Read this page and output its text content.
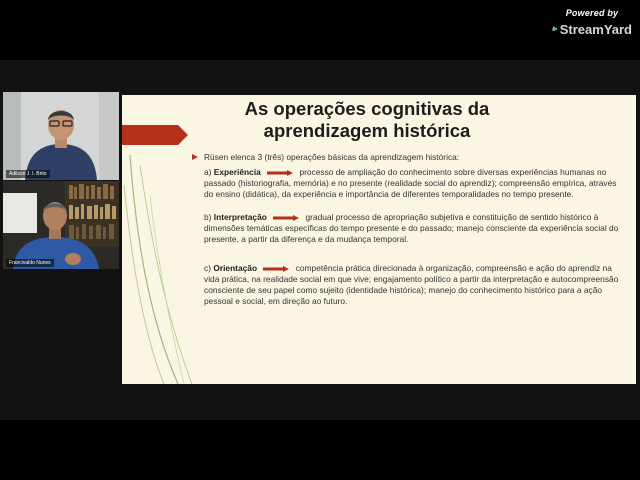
Powered by
StreamYard
Adilson J. I. Brito
Francivaldo Nunes
As operações cognitivas da aprendizagem histórica
Rüsen elenca 3 (três) operações básicas da aprendizagem histórica:
a) Experiência	processo de ampliação do conhecimento sobre diversas experiências humanas no passado (historiografia, memória) e no presente (realidade social do aprendiz); compreensão empírica, através do ensino (didática), da experiência e importância de diferentes temporalidades no tempo presente.
b) Interpretação	gradual processo de apropriação subjetiva e constituição de sentido histórico à dimensões temáticas específicas do tempo presente e do passado; manejo consciente da experiência social do presente, a partir da diferença e da mudança temporal.
c) Orientação	competência prática direcionada à organização, compreensão e ação do aprendiz na vida prática, na realidade social em que vive; engajamento político a partir da interpretação e autocompreensão consciente de seu papel como sujeito (identidade histórica); manejo do conhecimento histórico para a ação pessoal e social, em direção ao futuro.
